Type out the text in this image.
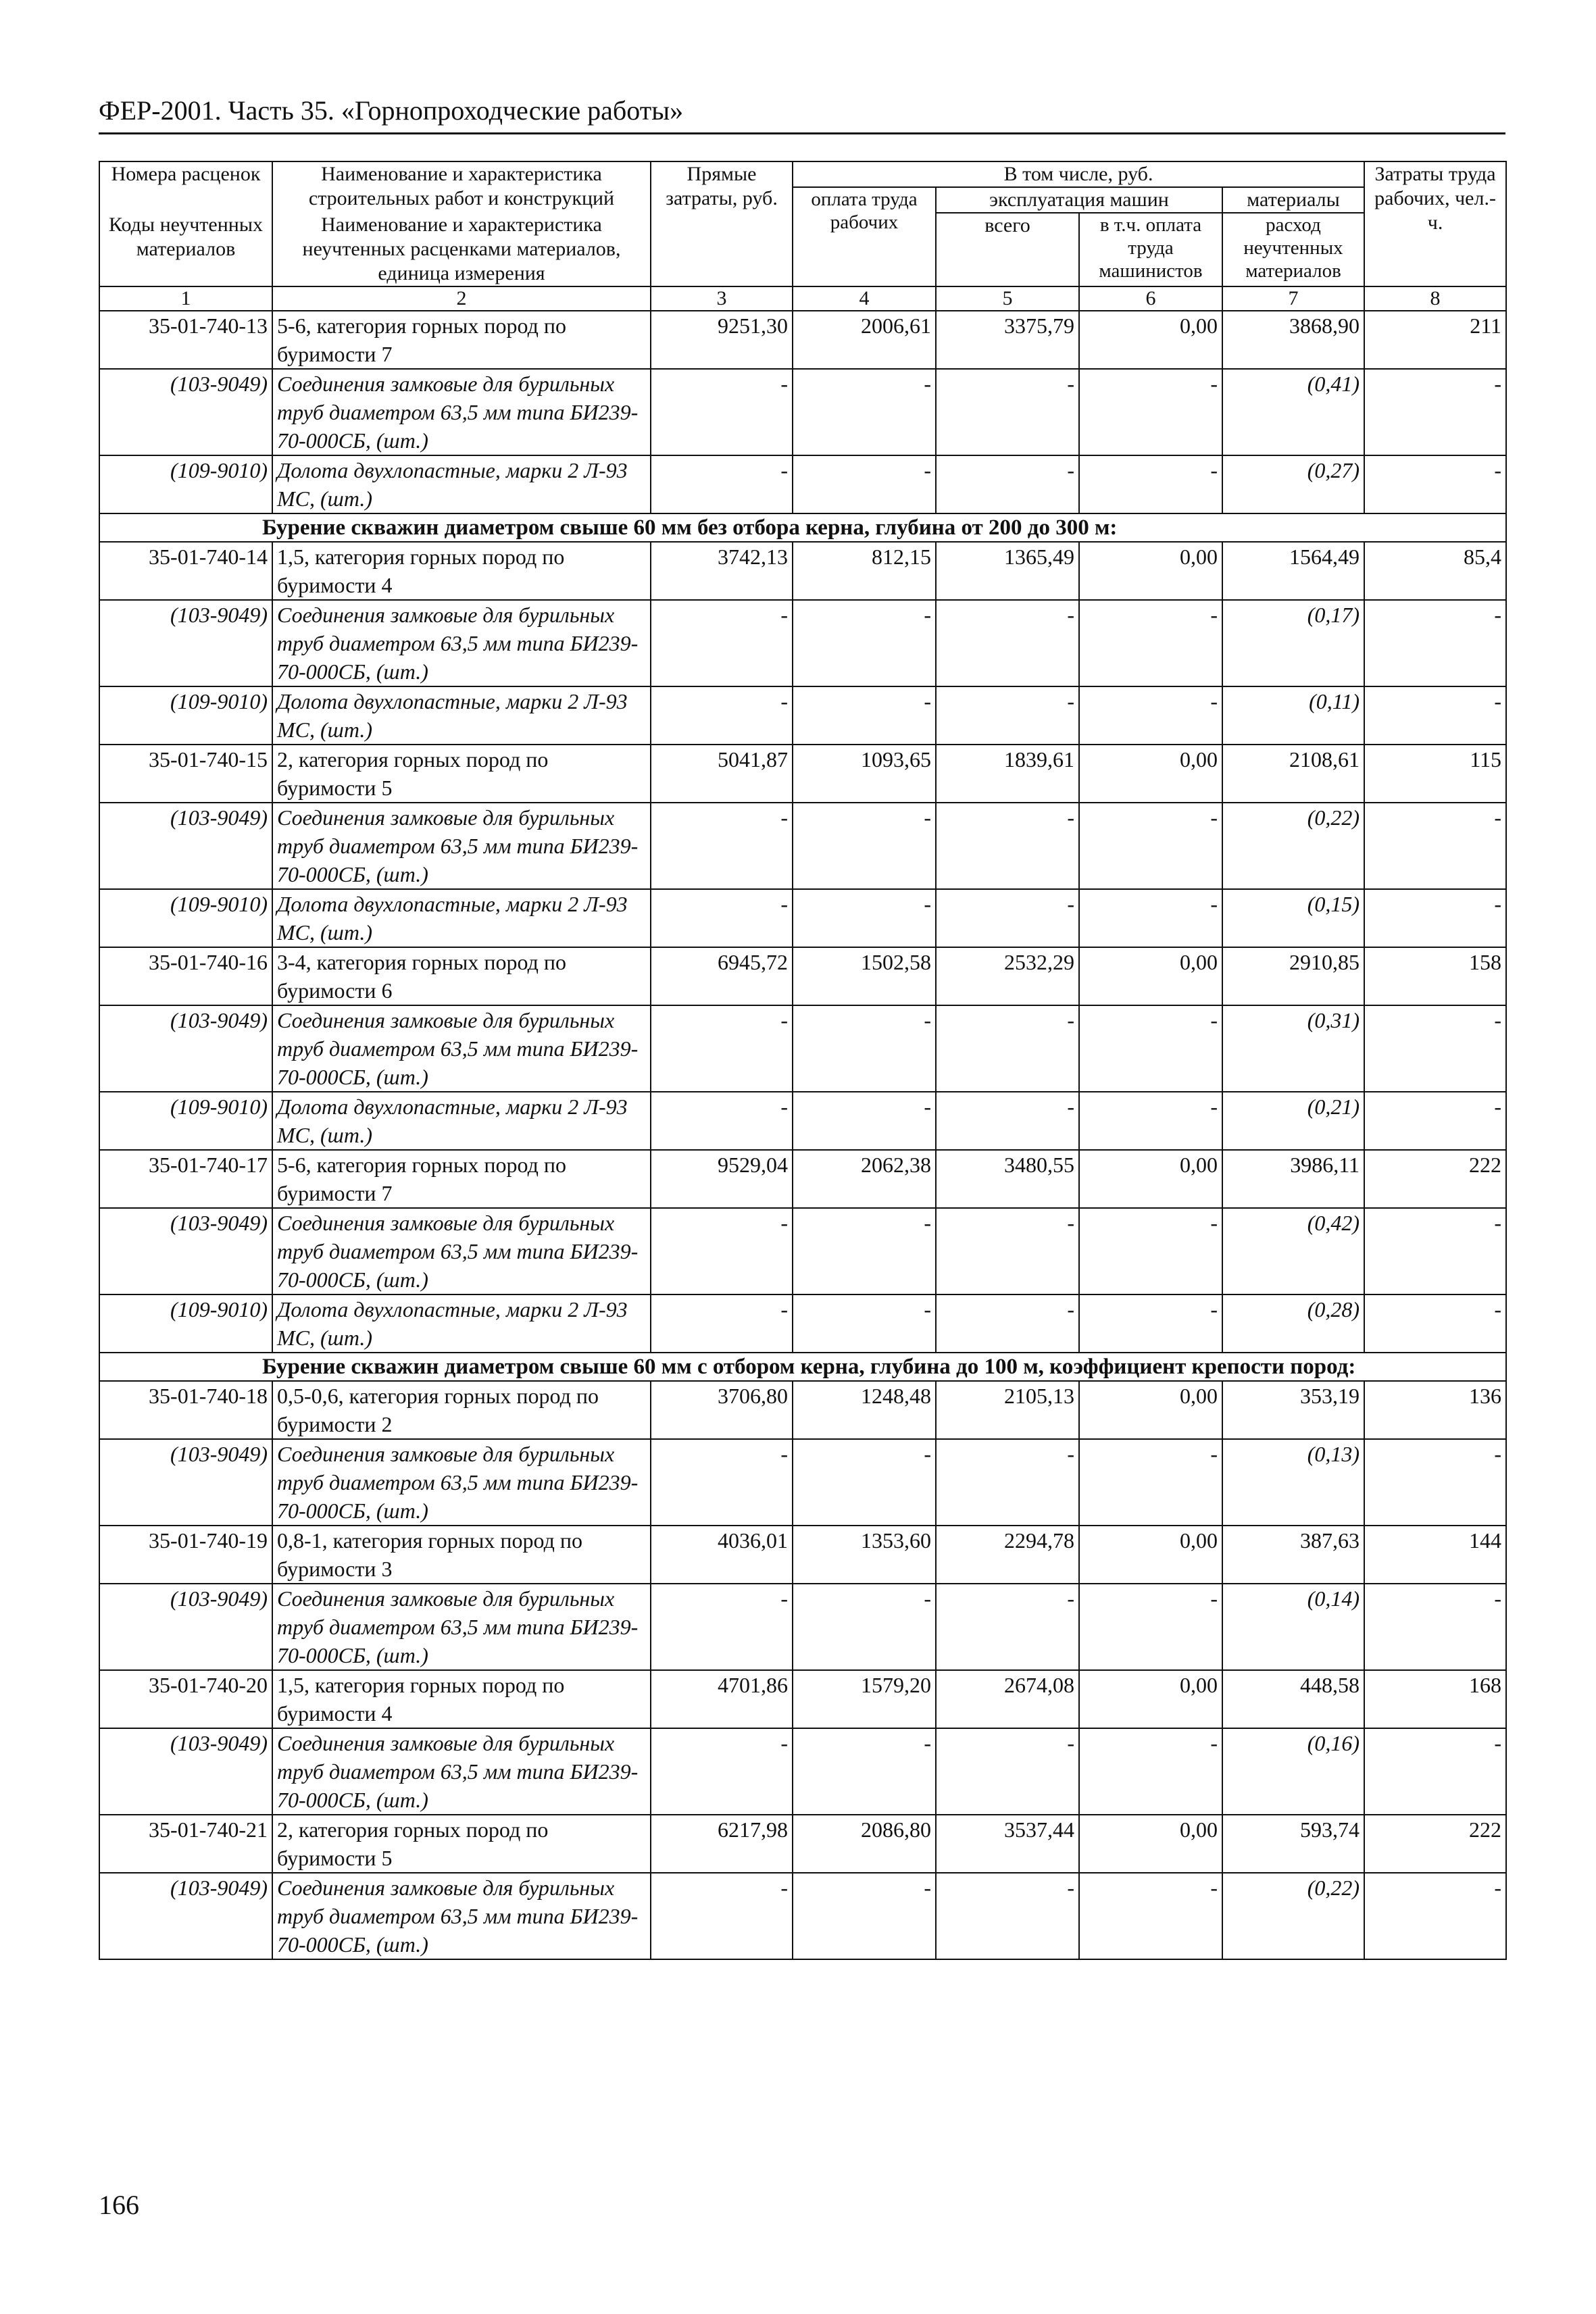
ФЕР-2001. Часть 35. «Горнопроходческие работы»
Номера расценок	Наименование и характеристика строительных работ и конструкций	Прямые затраты, руб.	В том числе, руб.				Затраты труда рабочих, чел.-ч.
			оплата труда рабочих	эксплуатация машин		материалы	
Коды неучтенных материалов	Наименование и характеристика неучтенных расценками материалов, единица измерения			всего	в т.ч. оплата труда машинистов	расход неучтенных материалов	

1	2	3	4	5	6	7	8
35-01-740-13	5-6, категория горных пород по буримости 7	9251,30	2006,61	3375,79	0,00	3868,90	211
(103-9049)	Соединения замковые для бурильных труб диаметром 63,5 мм типа БИ239-70-000СБ, (шт.)	-	-	-	-	(0,41)	-
(109-9010)	Долота двухлопастные, марки 2 Л-93 МС, (шт.)	-	-	-	-	(0,27)	-
Бурение скважин диаметром свыше 60 мм без отбора керна, глубина от 200 до 300 м:							
35-01-740-14	1,5, категория горных пород по буримости 4	3742,13	812,15	1365,49	0,00	1564,49	85,4
(103-9049)	Соединения замковые для бурильных труб диаметром 63,5 мм типа БИ239-70-000СБ, (шт.)	-	-	-	-	(0,17)	-
(109-9010)	Долота двухлопастные, марки 2 Л-93 МС, (шт.)	-	-	-	-	(0,11)	-
35-01-740-15	2, категория горных пород по буримости 5	5041,87	1093,65	1839,61	0,00	2108,61	115
(103-9049)	Соединения замковые для бурильных труб диаметром 63,5 мм типа БИ239-70-000СБ, (шт.)	-	-	-	-	(0,22)	-
(109-9010)	Долота двухлопастные, марки 2 Л-93 МС, (шт.)	-	-	-	-	(0,15)	-
35-01-740-16	3-4, категория горных пород по буримости 6	6945,72	1502,58	2532,29	0,00	2910,85	158
(103-9049)	Соединения замковые для бурильных труб диаметром 63,5 мм типа БИ239-70-000СБ, (шт.)	-	-	-	-	(0,31)	-
(109-9010)	Долота двухлопастные, марки 2 Л-93 МС, (шт.)	-	-	-	-	(0,21)	-
35-01-740-17	5-6, категория горных пород по буримости 7	9529,04	2062,38	3480,55	0,00	3986,11	222
(103-9049)	Соединения замковые для бурильных труб диаметром 63,5 мм типа БИ239-70-000СБ, (шт.)	-	-	-	-	(0,42)	-
(109-9010)	Долота двухлопастные, марки 2 Л-93 МС, (шт.)	-	-	-	-	(0,28)	-
Бурение скважин диаметром свыше 60 мм с отбором керна, глубина до 100 м, коэффициент крепости пород:							
35-01-740-18	0,5-0,6, категория горных пород по буримости 2	3706,80	1248,48	2105,13	0,00	353,19	136
(103-9049)	Соединения замковые для бурильных труб диаметром 63,5 мм типа БИ239-70-000СБ, (шт.)	-	-	-	-	(0,13)	-
35-01-740-19	0,8-1, категория горных пород по буримости 3	4036,01	1353,60	2294,78	0,00	387,63	144
(103-9049)	Соединения замковые для бурильных труб диаметром 63,5 мм типа БИ239-70-000СБ, (шт.)	-	-	-	-	(0,14)	-
35-01-740-20	1,5, категория горных пород по буримости 4	4701,86	1579,20	2674,08	0,00	448,58	168
(103-9049)	Соединения замковые для бурильных труб диаметром 63,5 мм типа БИ239-70-000СБ, (шт.)	-	-	-	-	(0,16)	-
35-01-740-21	2, категория горных пород по буримости 5	6217,98	2086,80	3537,44	0,00	593,74	222
(103-9049)	Соединения замковые для бурильных труб диаметром 63,5 мм типа БИ239-70-000СБ, (шт.)	-	-	-	-	(0,22)	-
166
